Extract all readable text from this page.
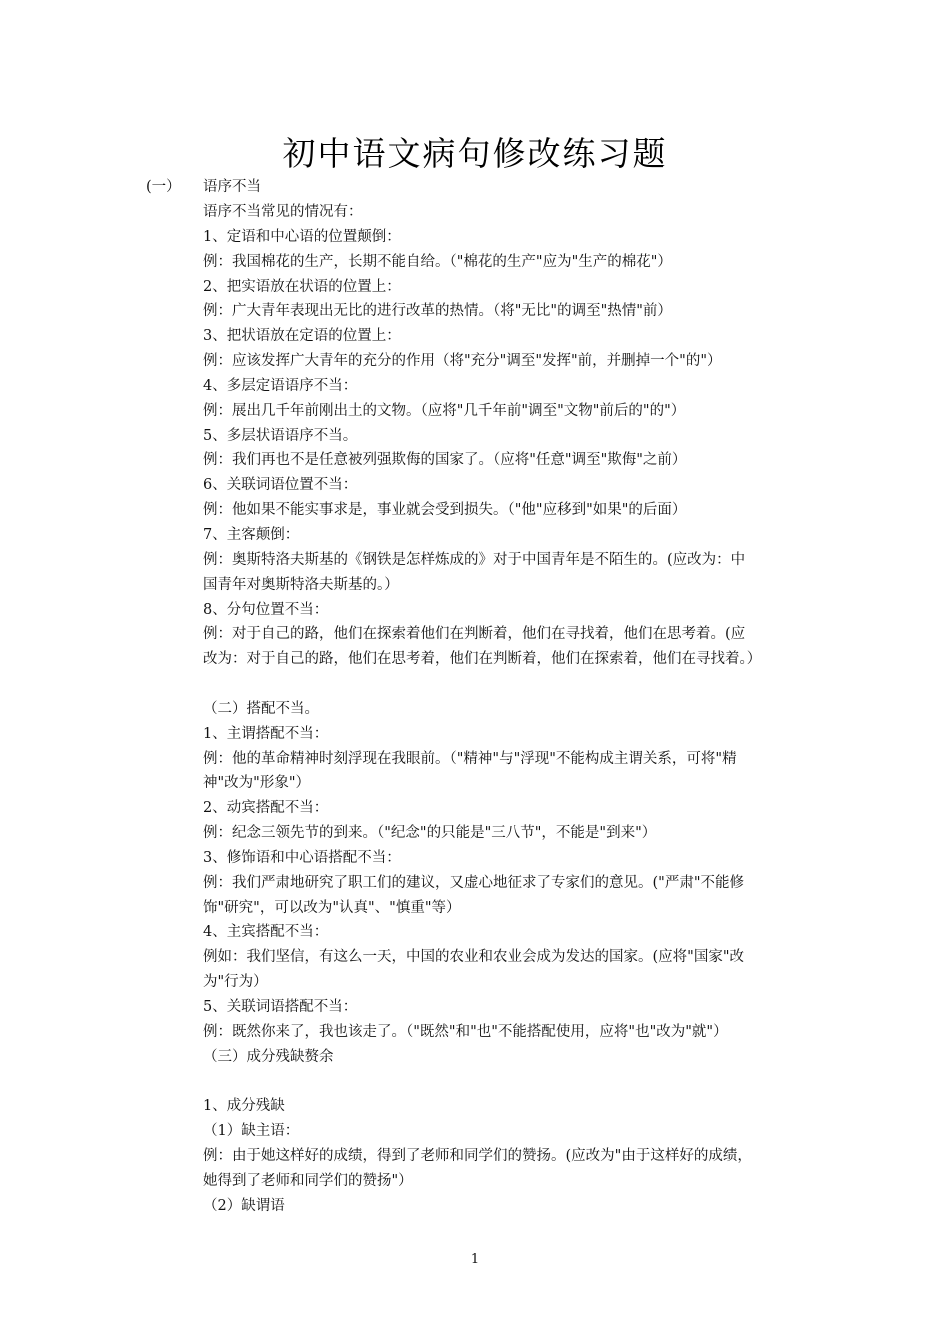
初中语文病句修改练习题
(一） 语序不当
语序不当常见的情况有：
1、定语和中心语的位置颠倒：
例：我国棉花的生产，长期不能自给。（"棉花的生产"应为"生产的棉花"）
2、把实语放在状语的位置上：
例：广大青年表现出无比的进行改革的热情。（将"无比"的调至"热情"前）
3、把状语放在定语的位置上：
例：应该发挥广大青年的充分的作用（将"充分"调至"发挥"前，并删掉一个"的"）
4、多层定语语序不当：
例：展出几千年前刚出土的文物。（应将"几千年前"调至"文物"前后的"的"）
5、多层状语语序不当。
例：我们再也不是任意被列强欺侮的国家了。（应将"任意"调至"欺侮"之前）
6、关联词语位置不当：
例：他如果不能实事求是，事业就会受到损失。（"他"应移到"如果"的后面）
7、主客颠倒：
例：奥斯特洛夫斯基的《钢铁是怎样炼成的》对于中国青年是不陌生的。(应改为：中
国青年对奥斯特洛夫斯基的。）
8、分句位置不当：
例：对于自己的路，他们在探索着他们在判断着，他们在寻找着，他们在思考着。(应
改为：对于自己的路，他们在思考着，他们在判断着，他们在探索着，他们在寻找着。）
（二）搭配不当。
1、主谓搭配不当：
例：他的革命精神时刻浮现在我眼前。（"精神"与"浮现"不能构成主谓关系，可将"精
神"改为"形象"）
2、动宾搭配不当：
例：纪念三领先节的到来。（"纪念"的只能是"三八节"，不能是"到来"）
3、修饰语和中心语搭配不当：
例：我们严肃地研究了职工们的建议，又虚心地征求了专家们的意见。("严肃"不能修
饰"研究"，可以改为"认真"、"慎重"等）
4、主宾搭配不当：
例如：我们坚信，有这么一天，中国的农业和农业会成为发达的国家。(应将"国家"改
为"行为）
5、关联词语搭配不当：
例：既然你来了，我也该走了。（"既然"和"也"不能搭配使用，应将"也"改为"就"）
（三）成分残缺赘余
1、成分残缺
（1）缺主语：
例：由于她这样好的成绩，得到了老师和同学们的赞扬。(应改为"由于这样好的成绩，
她得到了老师和同学们的赞扬"）
（2）缺谓语
1
